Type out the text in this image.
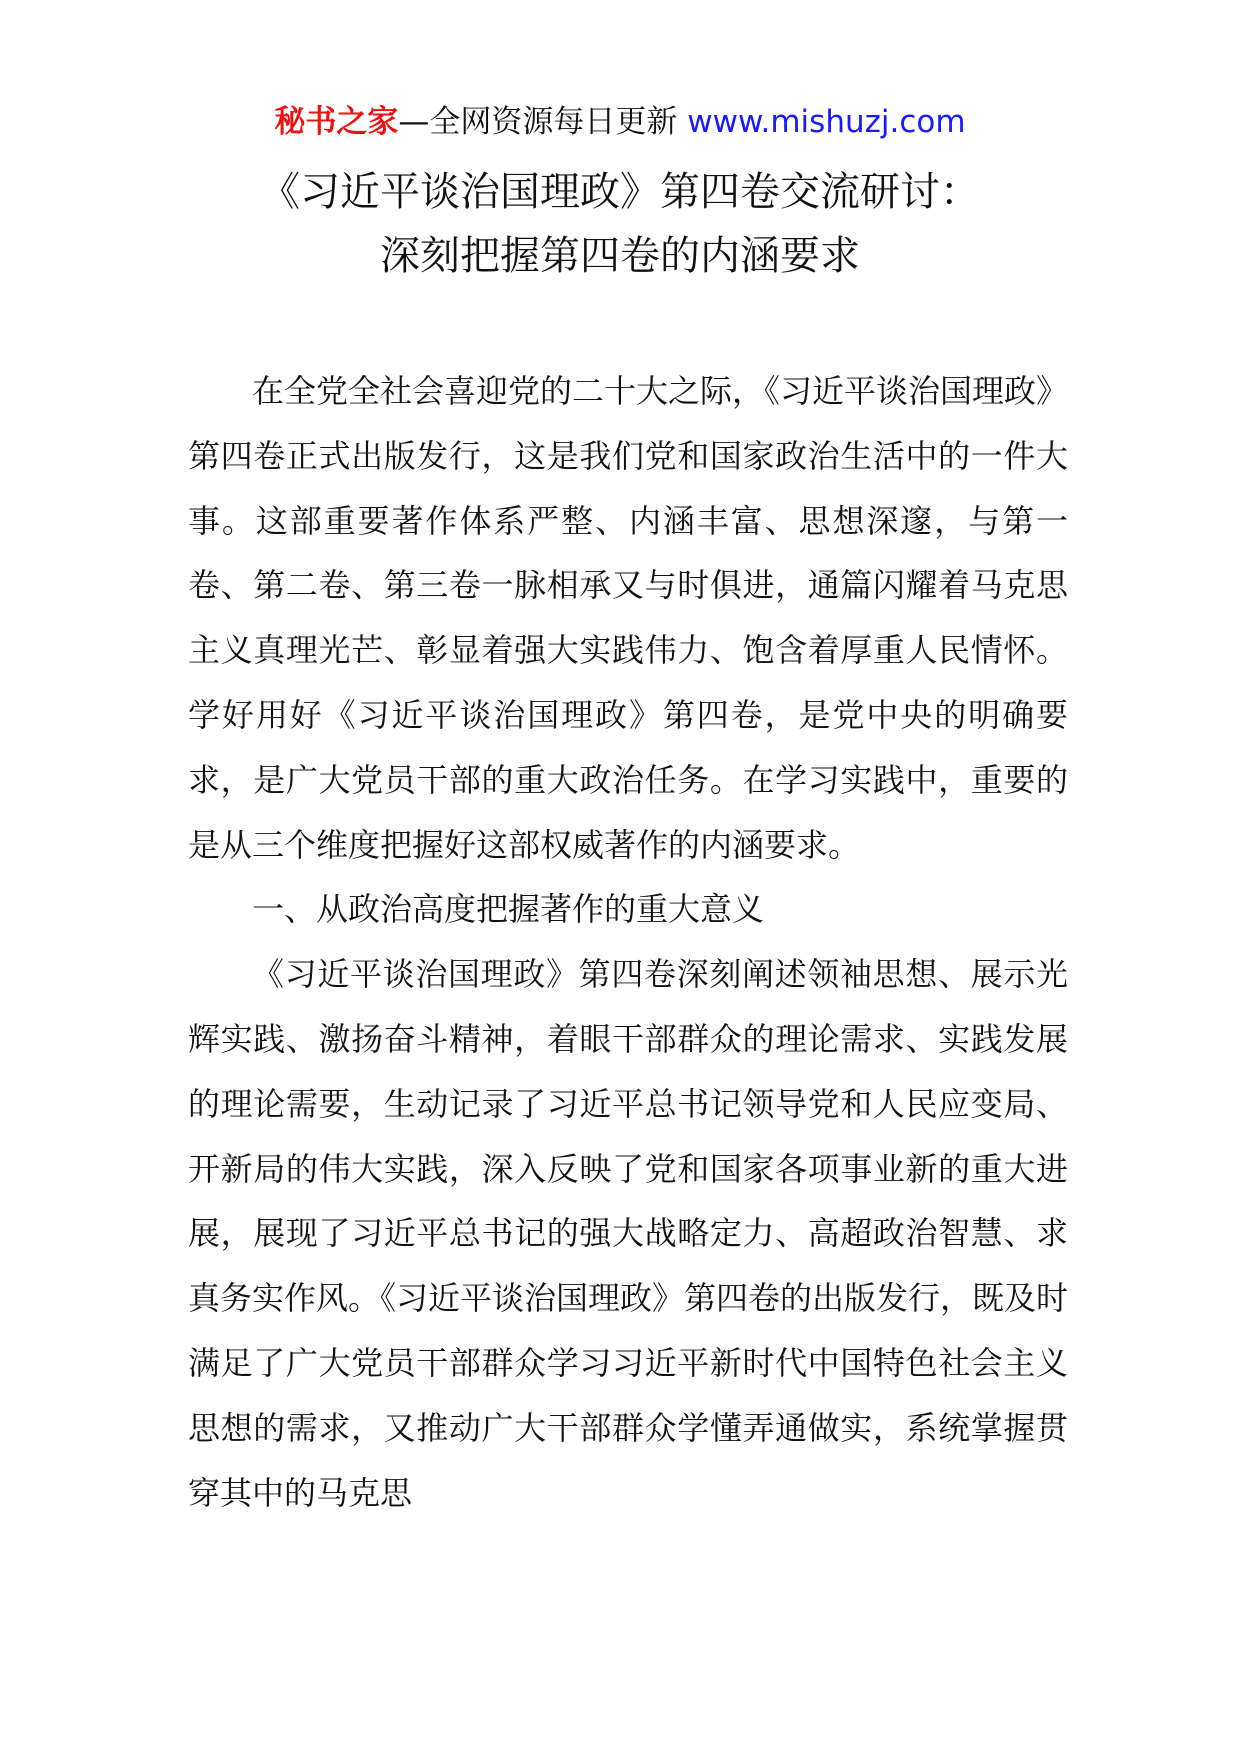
秘书之家—全网资源每日更新 www.mishuzj.com
《习近平谈治国理政》第四卷交流研讨：
深刻把握第四卷的内涵要求

在全党全社会喜迎党的二十大之际，《习近平谈治国理政》第四卷正式出版发行，这是我们党和国家政治生活中的一件大事。这部重要著作体系严整、内涵丰富、思想深邃，与第一卷、第二卷、第三卷一脉相承又与时俱进，通篇闪耀着马克思主义真理光芒、彰显着强大实践伟力、饱含着厚重人民情怀。学好用好《习近平谈治国理政》第四卷，是党中央的明确要求，是广大党员干部的重大政治任务。在学习实践中，重要的是从三个维度把握好这部权威著作的内涵要求。

一、从政治高度把握著作的重大意义

《习近平谈治国理政》第四卷深刻阐述领袖思想、展示光辉实践、激扬奋斗精神，着眼干部群众的理论需求、实践发展的理论需要，生动记录了习近平总书记领导党和人民应变局、开新局的伟大实践，深入反映了党和国家各项事业新的重大进展，展现了习近平总书记的强大战略定力、高超政治智慧、求真务实作风。《习近平谈治国理政》第四卷的出版发行，既及时满足了广大党员干部群众学习习近平新时代中国特色社会主义思想的需求，又推动广大干部群众学懂弄通做实，系统掌握贯穿其中的马克思
